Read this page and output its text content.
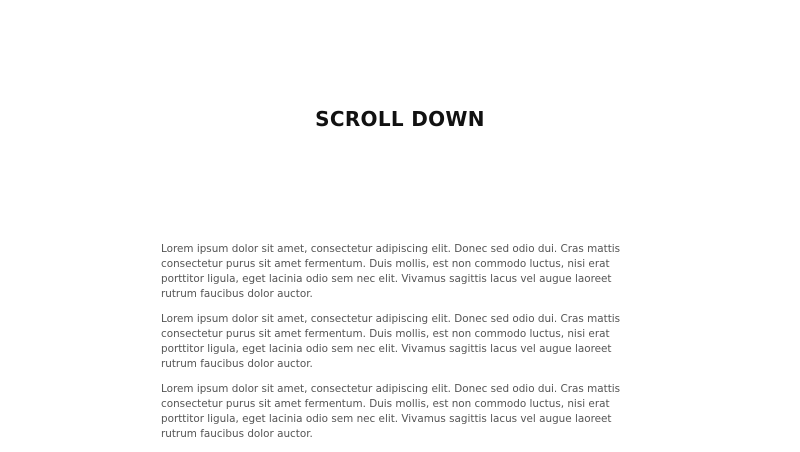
SCROLL DOWN

Lorem ipsum dolor sit amet, consectetur adipiscing elit. Donec sed odio dui. Cras mattis consectetur purus sit amet fermentum. Duis mollis, est non commodo luctus, nisi erat porttitor ligula, eget lacinia odio sem nec elit. Vivamus sagittis lacus vel augue laoreet rutrum faucibus dolor auctor.

Lorem ipsum dolor sit amet, consectetur adipiscing elit. Donec sed odio dui. Cras mattis consectetur purus sit amet fermentum. Duis mollis, est non commodo luctus, nisi erat porttitor ligula, eget lacinia odio sem nec elit. Vivamus sagittis lacus vel augue laoreet rutrum faucibus dolor auctor.

Lorem ipsum dolor sit amet, consectetur adipiscing elit. Donec sed odio dui. Cras mattis consectetur purus sit amet fermentum. Duis mollis, est non commodo luctus, nisi erat porttitor ligula, eget lacinia odio sem nec elit. Vivamus sagittis lacus vel augue laoreet rutrum faucibus dolor auctor.
